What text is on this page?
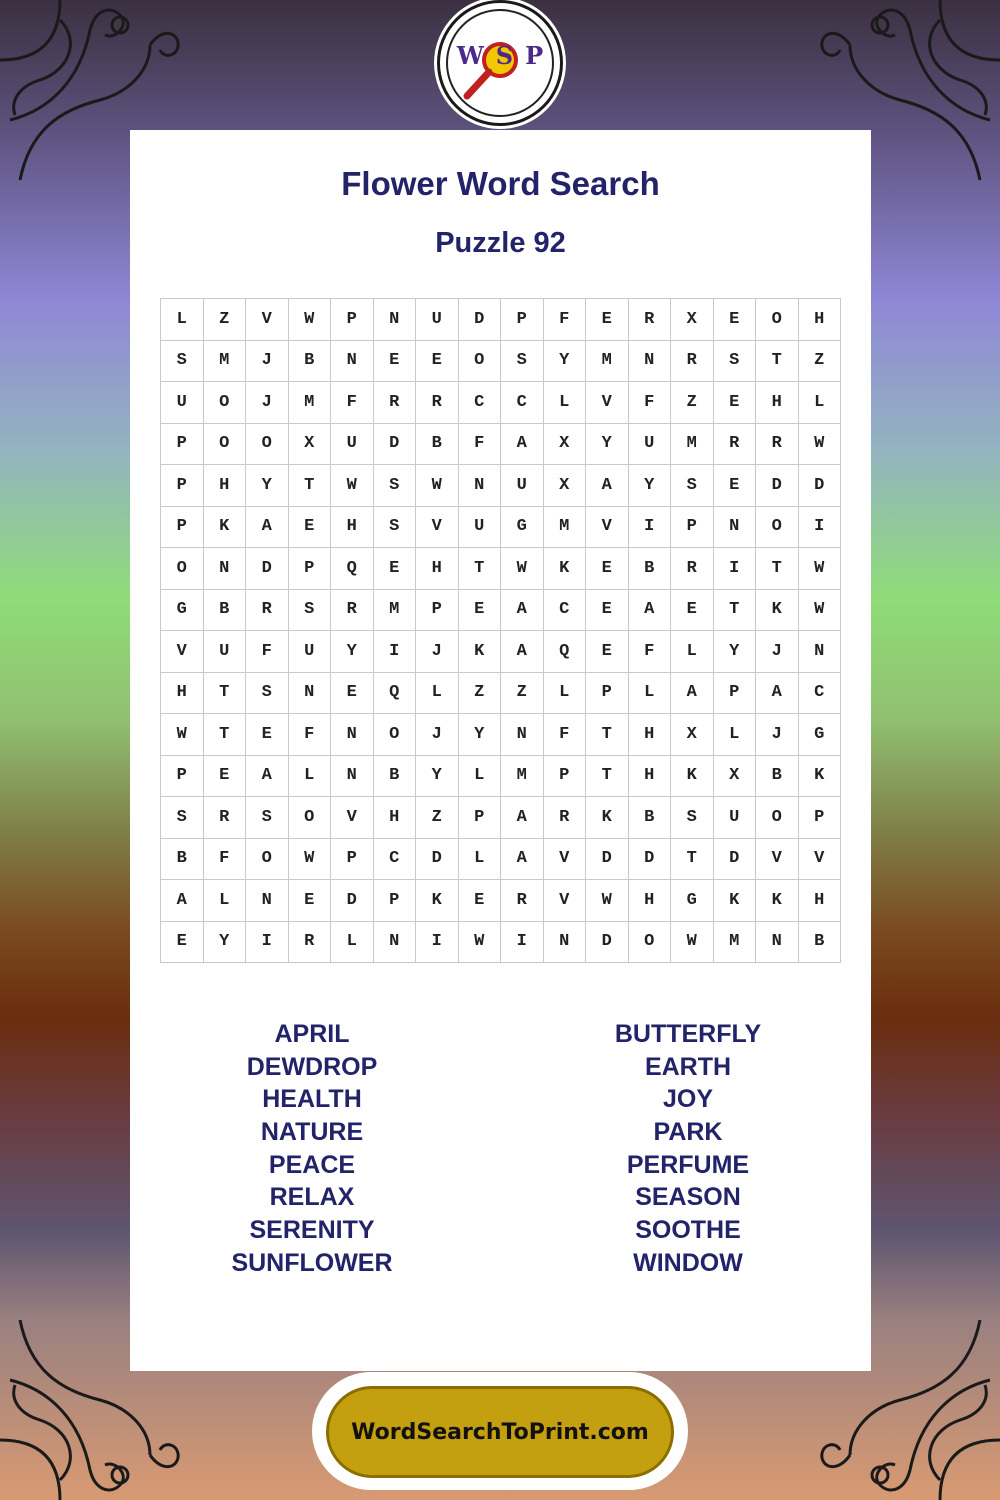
W S P
Flower Word Search
Puzzle 92
L	Z	V	W	P	N	U	D	P	F	E	R	X	E	O	H
S	M	J	B	N	E	E	O	S	Y	M	N	R	S	T	Z
U	O	J	M	F	R	R	C	C	L	V	F	Z	E	H	L
P	O	O	X	U	D	B	F	A	X	Y	U	M	R	R	W
P	H	Y	T	W	S	W	N	U	X	A	Y	S	E	D	D
P	K	A	E	H	S	V	U	G	M	V	I	P	N	O	I
O	N	D	P	Q	E	H	T	W	K	E	B	R	I	T	W
G	B	R	S	R	M	P	E	A	C	E	A	E	T	K	W
V	U	F	U	Y	I	J	K	A	Q	E	F	L	Y	J	N
H	T	S	N	E	Q	L	Z	Z	L	P	L	A	P	A	C
W	T	E	F	N	O	J	Y	N	F	T	H	X	L	J	G
P	E	A	L	N	B	Y	L	M	P	T	H	K	X	B	K
S	R	S	O	V	H	Z	P	A	R	K	B	S	U	O	P
B	F	O	W	P	C	D	L	A	V	D	D	T	D	V	V
A	L	N	E	D	P	K	E	R	V	W	H	G	K	K	H
E	Y	I	R	L	N	I	W	I	N	D	O	W	M	N	B
APRIL
DEWDROP
HEALTH
NATURE
PEACE
RELAX
SERENITY
SUNFLOWER
BUTTERFLY
EARTH
JOY
PARK
PERFUME
SEASON
SOOTHE
WINDOW
WordSearchToPrint.com
